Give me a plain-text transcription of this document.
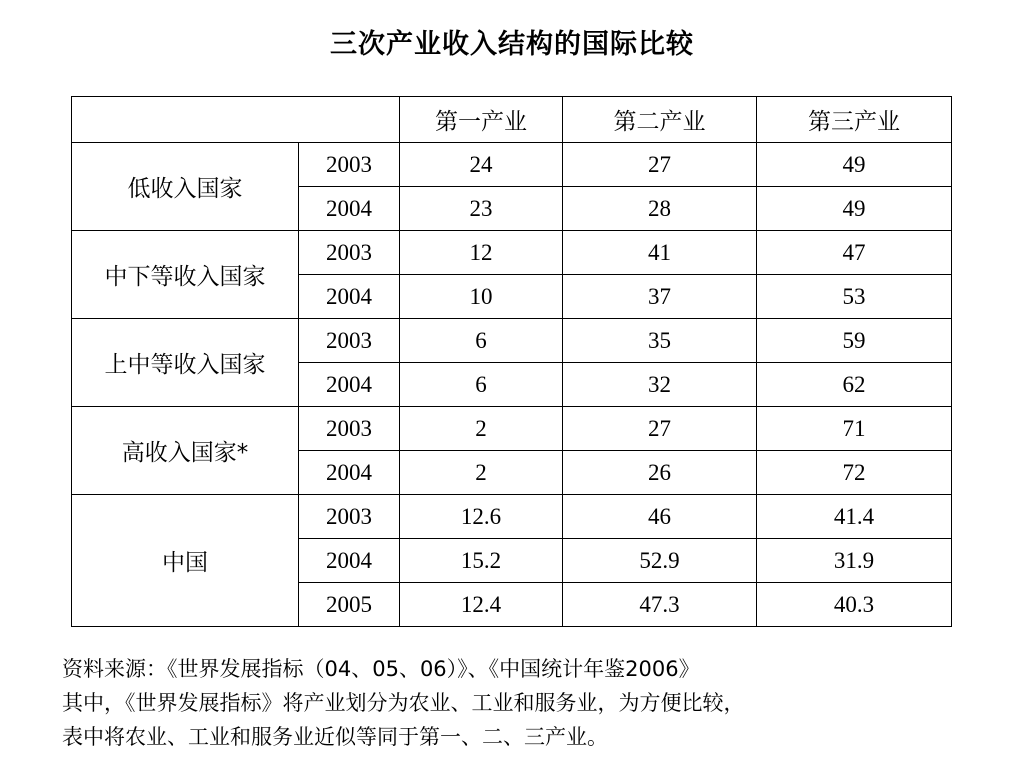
三次产业收入结构的国际比较
		第一产业	第二产业	第三产业
低收入国家	2003	24	27	49
	2004	23	28	49
中下等收入国家	2003	12	41	47
	2004	10	37	53
上中等收入国家	2003	6	35	59
	2004	6	32	62
高收入国家*	2003	2	27	71
	2004	2	26	72
中国	2003	12.6	46	41.4
	2004	15.2	52.9	31.9
	2005	12.4	47.3	40.3
资料来源：《世界发展指标（04、05、06）》、《中国统计年鉴2006》
其中，《世界发展指标》将产业划分为农业、工业和服务业，为方便比较，
表中将农业、工业和服务业近似等同于第一、二、三产业。
